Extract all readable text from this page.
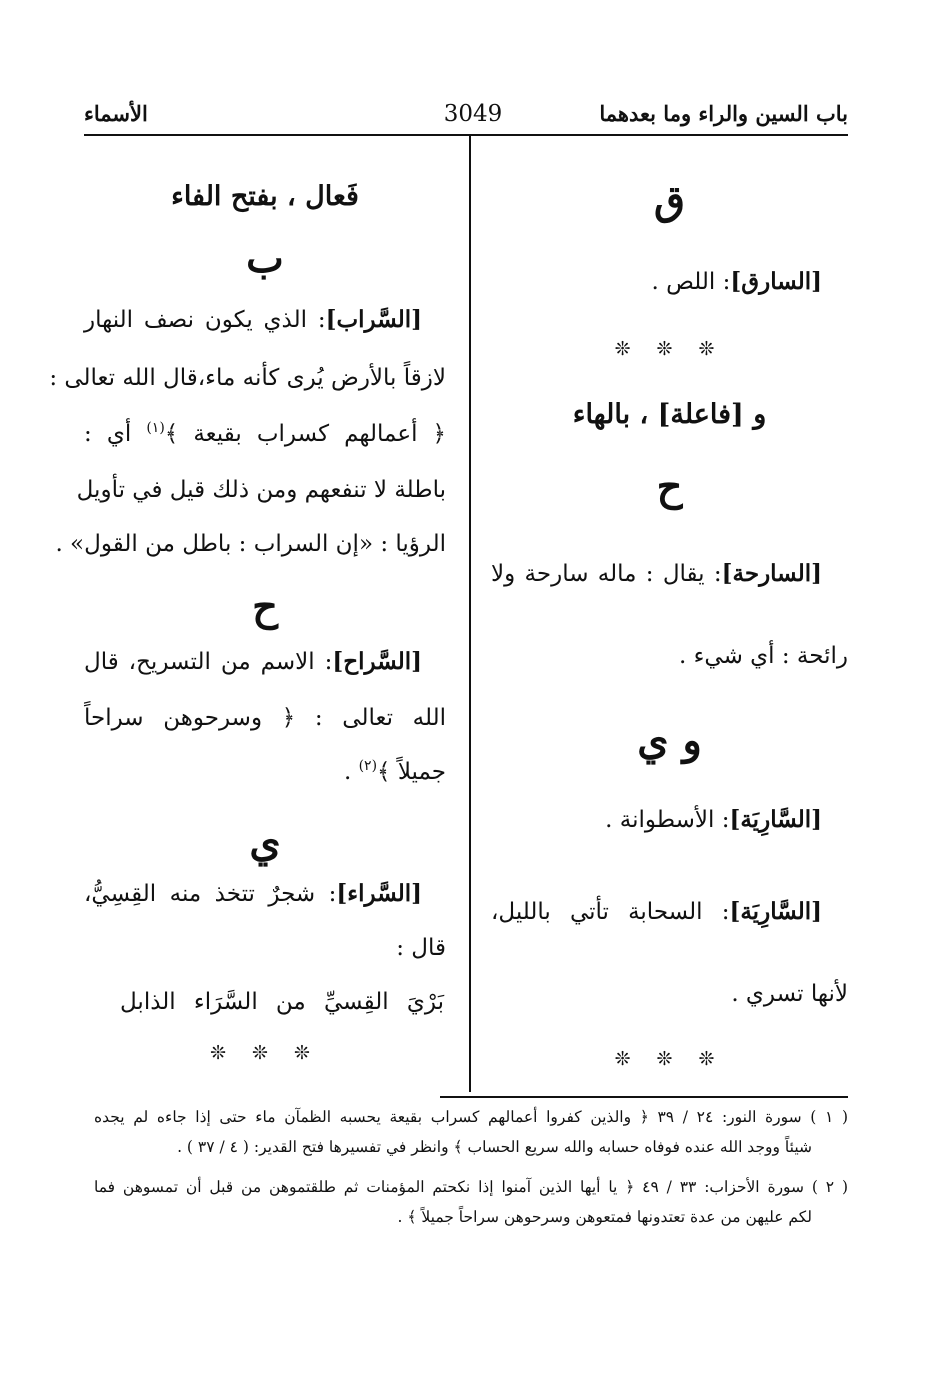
باب السين والراء وما بعدهما
3049
الأسماء
ق
[السارق]: اللص .
❊ ❊ ❊
و [فاعلة] ، بالهاء
ح
[السارحة]: يقال : ماله سارحة ولا
رائحة : أي شيء .
و ي
[السَّارِيَة]: الأسطوانة .
[السَّارِيَة]: السحابة تأتي بالليل،
لأنها تسري .
❊ ❊ ❊
فَعال ، بفتح الفاء
ب
[السَّراب]: الذي يكون نصف النهار
لازقاً بالأرض يُرى كأنه ماء،قال الله تعالى :
﴿ أعمالهم كسراب بقيعة ﴾$^{(١)}$ أي :
باطلة لا تنفعهم ومن ذلك قيل في تأويل
الرؤيا : «إن السراب : باطل من القول» .
ح
[السَّراح]: الاسم من التسريح، قال
الله تعالى : ﴿ وسرحوهن سراحاً
جميلاً ﴾$^{(٢)}$ .
ي
[السَّراء]: شجرٌ تتخذ منه القِسِيُّ،
قال :
بَرْيَ القِسيِّ من السَّرَاء الذابل
❊ ❊ ❊
( ١ ) سورة النور: ٢٤ / ٣٩ ﴿ والذين كفروا أعمالهم كسراب بقيعة يحسبه الظمآن ماء حتى إذا جاءه لم يجده
شيئاً ووجد الله عنده فوفاه حسابه والله سريع الحساب ﴾ وانظر في تفسيرها فتح القدير: ( ٤ / ٣٧ ) .
( ٢ ) سورة الأحزاب: ٣٣ / ٤٩ ﴿ يا أيها الذين آمنوا إذا نكحتم المؤمنات ثم طلقتموهن من قبل أن تمسوهن فما
لكم عليهن من عدة تعتدونها فمتعوهن وسرحوهن سراحاً جميلاً ﴾ .
